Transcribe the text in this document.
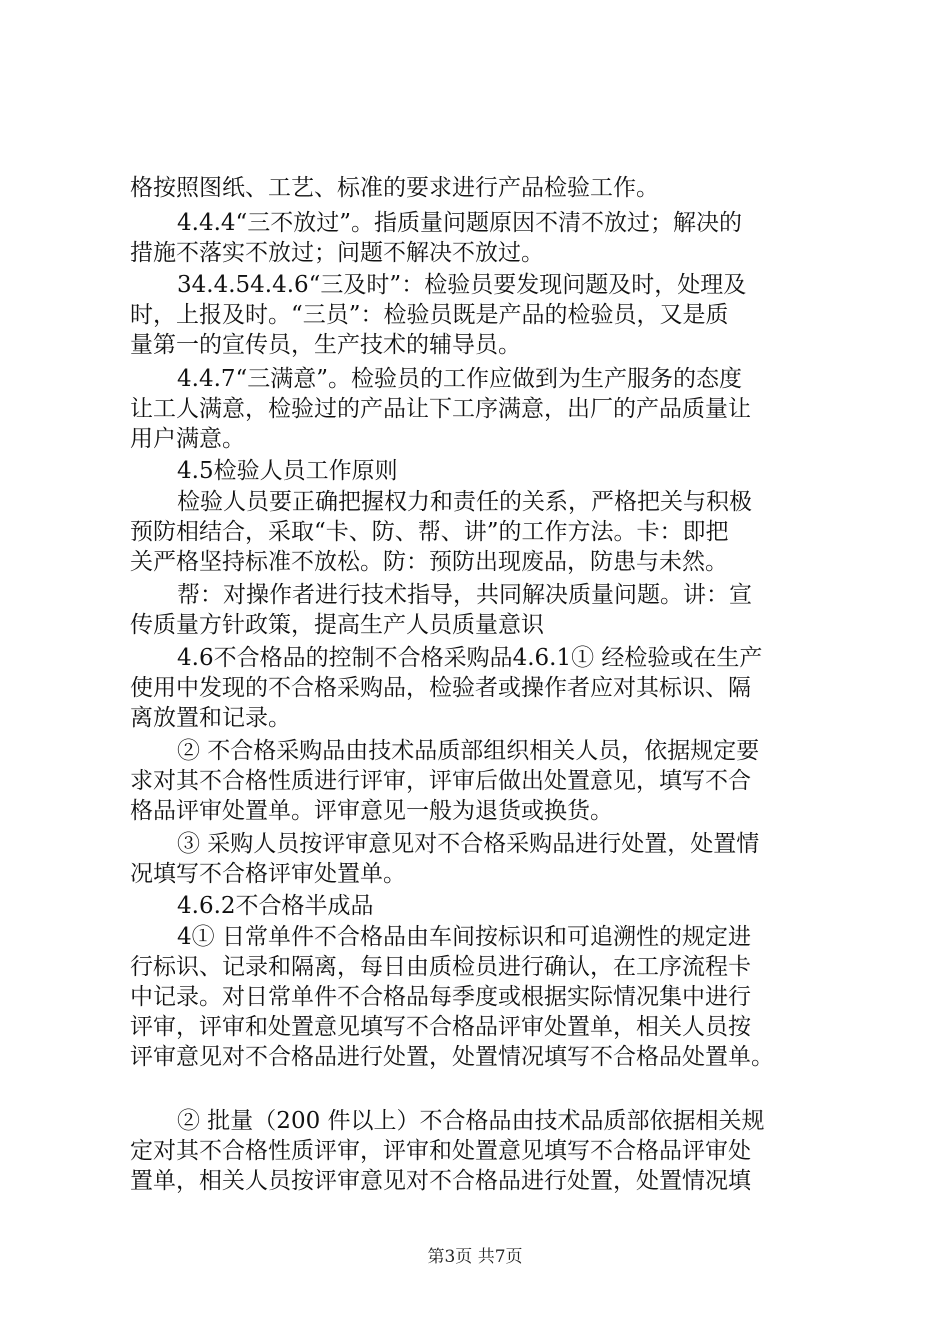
格按照图纸、工艺、标准的要求进行产品检验工作。
4.4.4“三不放过”。指质量问题原因不清不放过；解决的
措施不落实不放过；问题不解决不放过。
34.4.54.4.6“三及时”：检验员要发现问题及时，处理及
时，上报及时。“三员”：检验员既是产品的检验员，又是质
量第一的宣传员，生产技术的辅导员。
4.4.7“三满意”。检验员的工作应做到为生产服务的态度
让工人满意，检验过的产品让下工序满意，出厂的产品质量让
用户满意。
4.5检验人员工作原则
检验人员要正确把握权力和责任的关系，严格把关与积极
预防相结合，采取“卡、防、帮、讲”的工作方法。卡：即把
关严格坚持标准不放松。防：预防出现废品，防患与未然。
帮：对操作者进行技术指导，共同解决质量问题。讲：宣
传质量方针政策，提高生产人员质量意识
4.6不合格品的控制不合格采购品4.6.1① 经检验或在生产
使用中发现的不合格采购品，检验者或操作者应对其标识、隔
离放置和记录。
② 不合格采购品由技术品质部组织相关人员，依据规定要
求对其不合格性质进行评审，评审后做出处置意见，填写不合
格品评审处置单。评审意见一般为退货或换货。
③ 采购人员按评审意见对不合格采购品进行处置，处置情
况填写不合格评审处置单。
4.6.2不合格半成品
4① 日常单件不合格品由车间按标识和可追溯性的规定进
行标识、记录和隔离，每日由质检员进行确认，在工序流程卡
中记录。对日常单件不合格品每季度或根据实际情况集中进行
评审，评审和处置意见填写不合格品评审处置单，相关人员按
评审意见对不合格品进行处置，处置情况填写不合格品处置单。
② 批量（200 件以上）不合格品由技术品质部依据相关规
定对其不合格性质评审，评审和处置意见填写不合格品评审处
置单，相关人员按评审意见对不合格品进行处置，处置情况填
第3页 共7页
